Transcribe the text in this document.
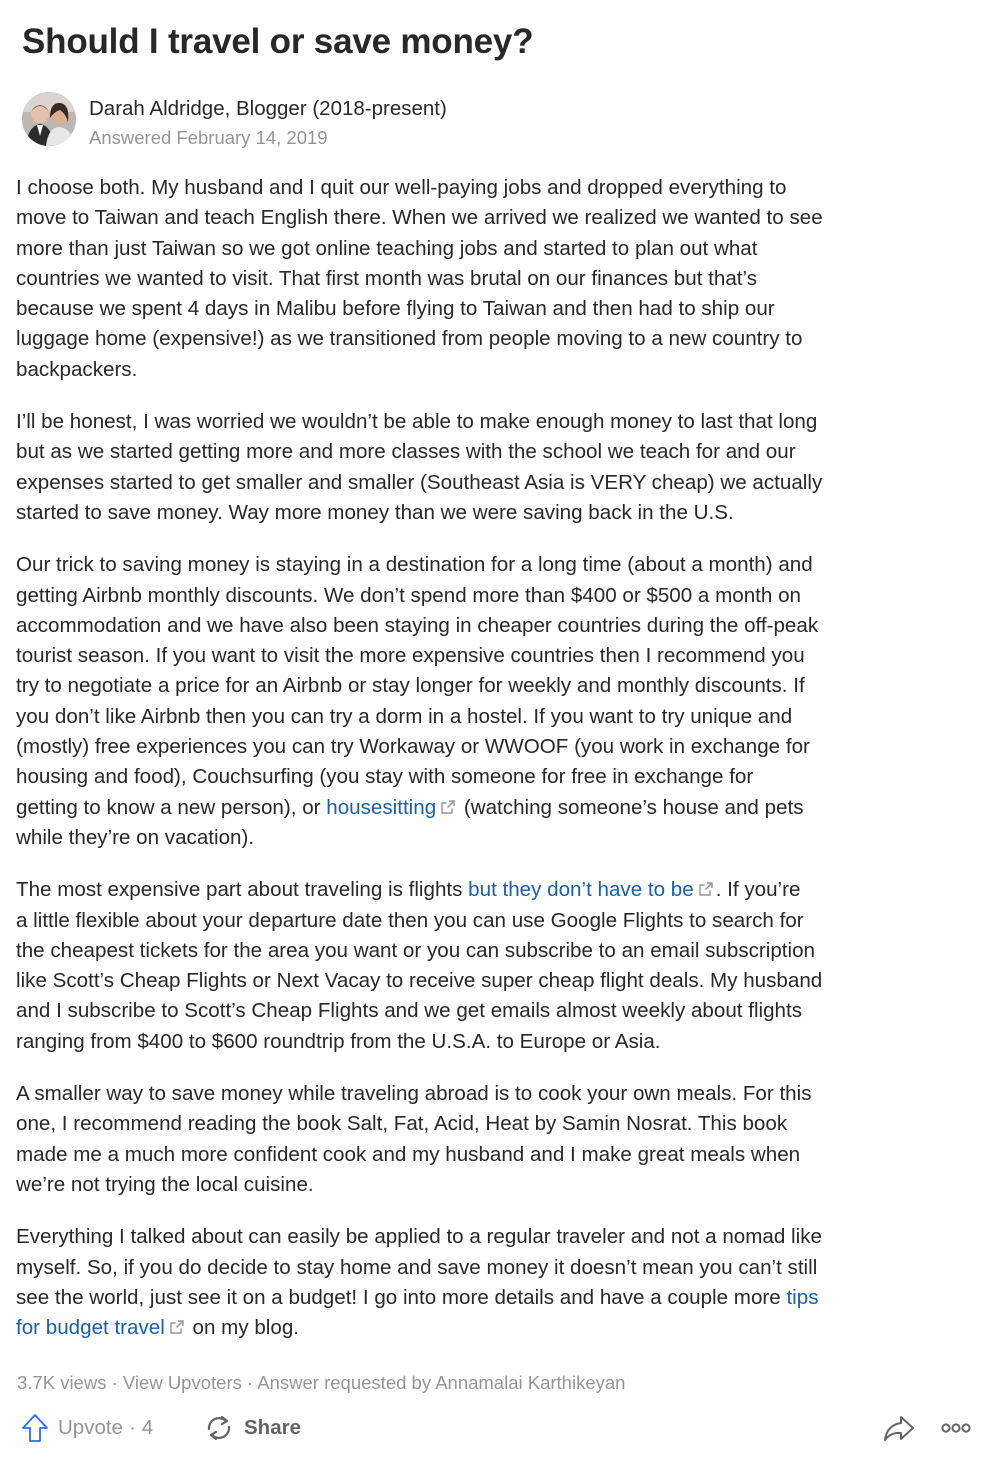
Should I travel or save money?
Darah Aldridge, Blogger (2018-present)
Answered February 14, 2019

I choose both. My husband and I quit our well-paying jobs and dropped everything to
move to Taiwan and teach English there. When we arrived we realized we wanted to see
more than just Taiwan so we got online teaching jobs and started to plan out what
countries we wanted to visit. That first month was brutal on our finances but that’s
because we spent 4 days in Malibu before flying to Taiwan and then had to ship our
luggage home (expensive!) as we transitioned from people moving to a new country to
backpackers.

I’ll be honest, I was worried we wouldn’t be able to make enough money to last that long
but as we started getting more and more classes with the school we teach for and our
expenses started to get smaller and smaller (Southeast Asia is VERY cheap) we actually
started to save money. Way more money than we were saving back in the U.S.

Our trick to saving money is staying in a destination for a long time (about a month) and
getting Airbnb monthly discounts. We don’t spend more than $400 or $500 a month on
accommodation and we have also been staying in cheaper countries during the off-peak
tourist season. If you want to visit the more expensive countries then I recommend you
try to negotiate a price for an Airbnb or stay longer for weekly and monthly discounts. If
you don’t like Airbnb then you can try a dorm in a hostel. If you want to try unique and
(mostly) free experiences you can try Workaway or WWOOF (you work in exchange for
housing and food), Couchsurfing (you stay with someone for free in exchange for
getting to know a new person), or housesitting (watching someone’s house and pets
while they’re on vacation).

The most expensive part about traveling is flights but they don’t have to be . If you’re
a little flexible about your departure date then you can use Google Flights to search for
the cheapest tickets for the area you want or you can subscribe to an email subscription
like Scott’s Cheap Flights or Next Vacay to receive super cheap flight deals. My husband
and I subscribe to Scott’s Cheap Flights and we get emails almost weekly about flights
ranging from $400 to $600 roundtrip from the U.S.A. to Europe or Asia.

A smaller way to save money while traveling abroad is to cook your own meals. For this
one, I recommend reading the book Salt, Fat, Acid, Heat by Samin Nosrat. This book
made me a much more confident cook and my husband and I make great meals when
we’re not trying the local cuisine.

Everything I talked about can easily be applied to a regular traveler and not a nomad like
myself. So, if you do decide to stay home and save money it doesn’t mean you can’t still
see the world, just see it on a budget! I go into more details and have a couple more tips
for budget travel on my blog.

3.7K views · View Upvoters · Answer requested by Annamalai Karthikeyan
Upvote · 4	Share
